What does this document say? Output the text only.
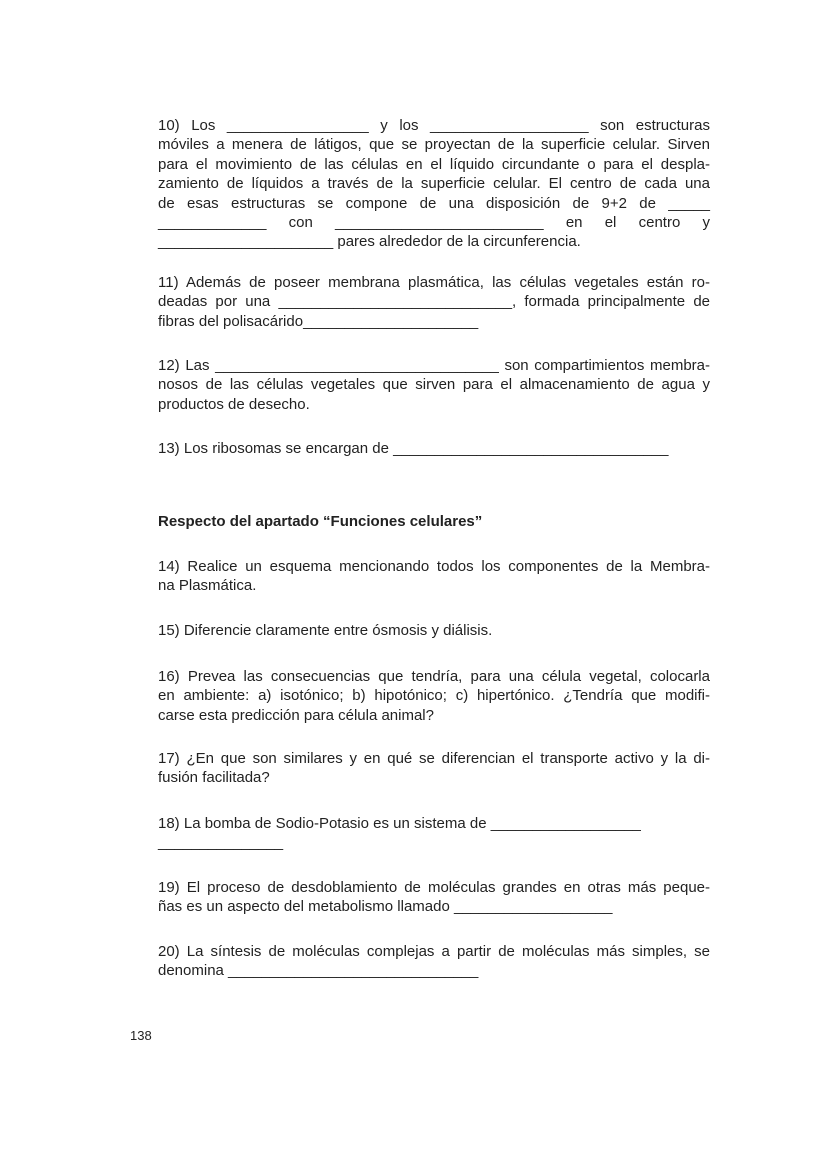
10) Los _________________ y los ___________________ son estructuras
móviles a menera de látigos, que se proyectan de la superficie celular. Sirven
para el movimiento de las células en el líquido circundante o para el despla-
zamiento de líquidos a través de la superficie celular. El centro de cada una
de esas estructuras se compone de una disposición de 9+2 de _____
_____________ con _________________________ en el centro y
_____________________ pares alrededor de la circunferencia.
11) Además de poseer membrana plasmática, las células vegetales están ro-
deadas por una ____________________________, formada principalmente de
fibras del polisacárido_____________________
12) Las __________________________________ son compartimientos membra-
nosos de las células vegetales que sirven para el almacenamiento de agua y
productos de desecho.
13) Los ribosomas se encargan de _________________________________
Respecto del apartado “Funciones celulares”
14) Realice un esquema mencionando todos los componentes de la Membra-
na Plasmática.
15) Diferencie claramente entre ósmosis y diálisis.
16) Prevea las consecuencias que tendría, para una célula vegetal, colocarla
en ambiente: a) isotónico; b) hipotónico; c) hipertónico. ¿Tendría que modifi-
carse esta predicción para célula animal?
17) ¿En que son similares y en qué se diferencian el transporte activo y la di-
fusión facilitada?
18) La bomba de Sodio-Potasio es un sistema de __________________
_______________
19) El proceso de desdoblamiento de moléculas grandes en otras más peque-
ñas es un aspecto del metabolismo llamado ___________________
20) La síntesis de moléculas complejas a partir de moléculas más simples, se
denomina ______________________________
138
